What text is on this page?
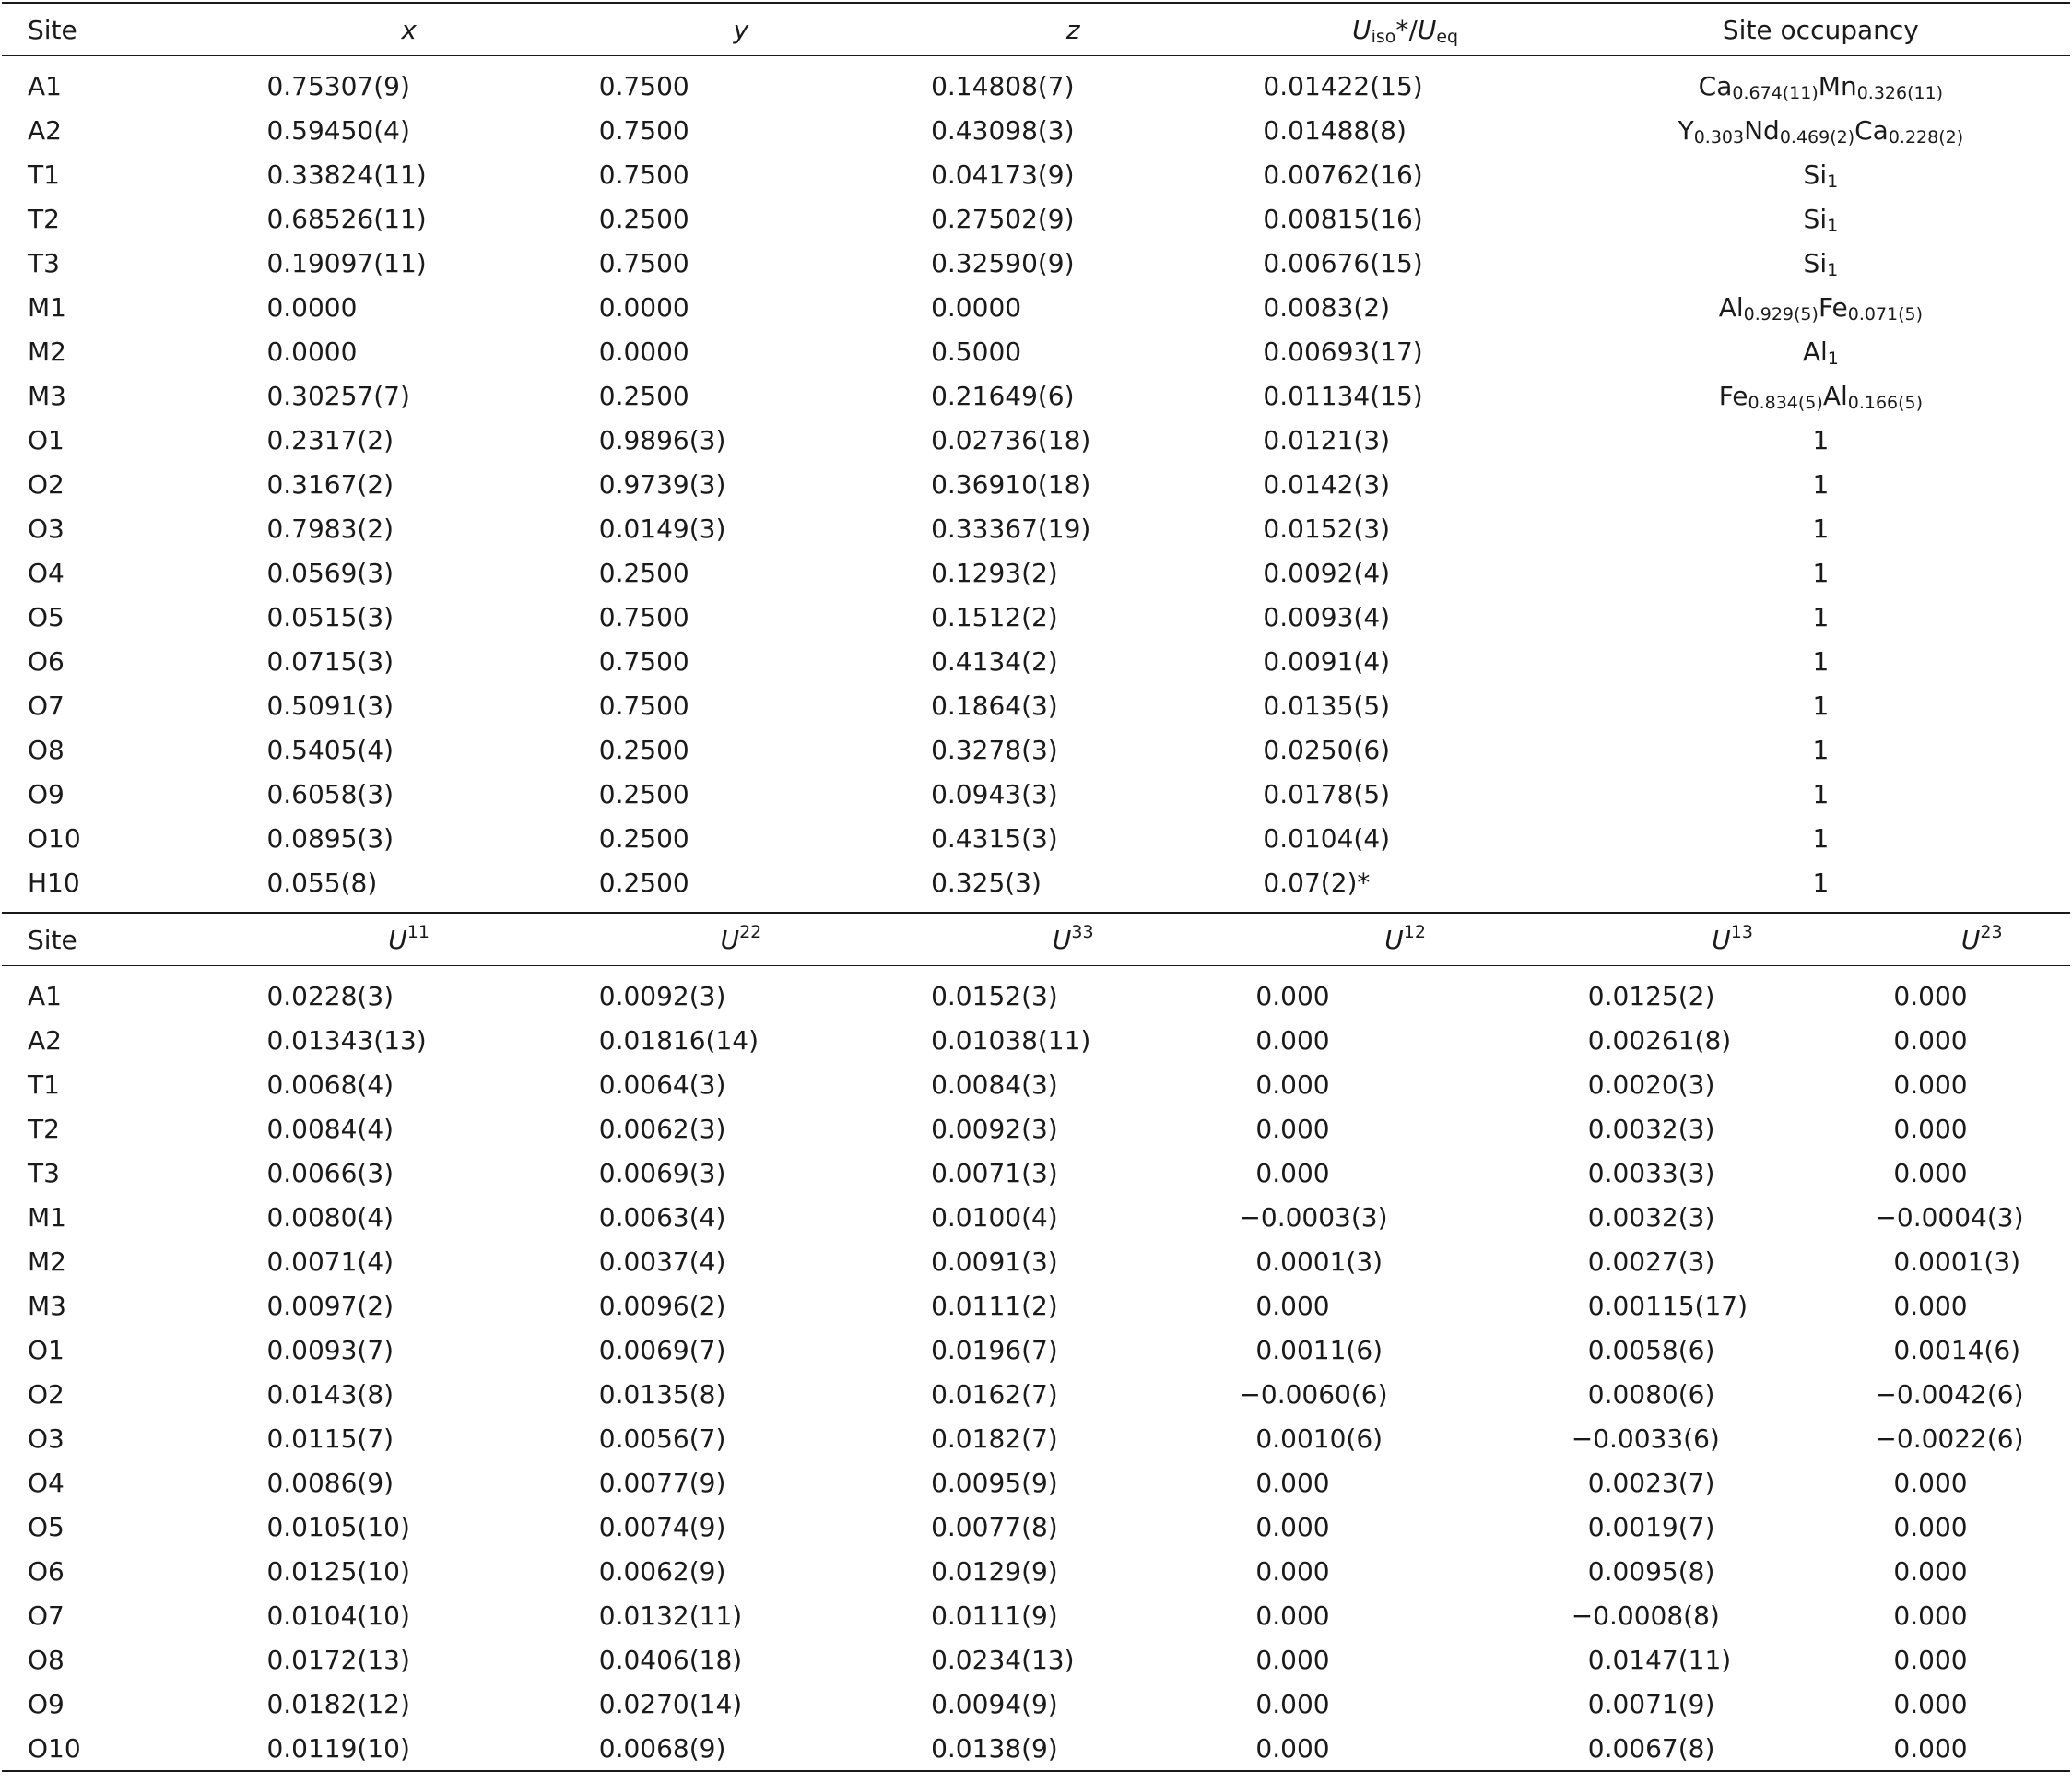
Site	x	y	z	$U_{iso}*/U_{eq}$	Site occupancy	
A1	0.75307(9)	0.7500	0.14808(7)	0.01422(15)	$Ca_{0.674(11)}Mn_{0.326(11)}$
A2	0.59450(4)	0.7500	0.43098(3)	0.01488(8)	$Y_{0.303}Nd_{0.469(2)}Ca_{0.228(2)}$
T1	0.33824(11)	0.7500	0.04173(9)	0.00762(16)	$Si_1$
T2	0.68526(11)	0.2500	0.27502(9)	0.00815(16)	$Si_1$
T3	0.19097(11)	0.7500	0.32590(9)	0.00676(15)	$Si_1$
M1	0.0000	0.0000	0.0000	0.0083(2)	$Al_{0.929(5)}Fe_{0.071(5)}$
M2	0.0000	0.0000	0.5000	0.00693(17)	$Al_1$
M3	0.30257(7)	0.2500	0.21649(6)	0.01134(15)	$Fe_{0.834(5)}Al_{0.166(5)}$
O1	0.2317(2)	0.9896(3)	0.02736(18)	0.0121(3)	1	
O2	0.3167(2)	0.9739(3)	0.36910(18)	0.0142(3)	1	
O3	0.7983(2)	0.0149(3)	0.33367(19)	0.0152(3)	1	
O4	0.0569(3)	0.2500	0.1293(2)	0.0092(4)	1	
O5	0.0515(3)	0.7500	0.1512(2)	0.0093(4)	1	
O6	0.0715(3)	0.7500	0.4134(2)	0.0091(4)	1	
O7	0.5091(3)	0.7500	0.1864(3)	0.0135(5)	1	
O8	0.5405(4)	0.2500	0.3278(3)	0.0250(6)	1	
O9	0.6058(3)	0.2500	0.0943(3)	0.0178(5)	1	
O10	0.0895(3)	0.2500	0.4315(3)	0.0104(4)	1	
H10	0.055(8)	0.2500	0.325(3)	0.07(2)*	1	
Site	$U^{11}$	$U^{22}$	$U^{33}$	$U^{12}$	$U^{13}$	$U^{23}$
A1	0.0228(3)	0.0092(3)	0.0152(3)	0.000	0.0125(2)	0.000
A2	0.01343(13)	0.01816(14)	0.01038(11)	0.000	0.00261(8)	0.000
T1	0.0068(4)	0.0064(3)	0.0084(3)	0.000	0.0020(3)	0.000
T2	0.0084(4)	0.0062(3)	0.0092(3)	0.000	0.0032(3)	0.000
T3	0.0066(3)	0.0069(3)	0.0071(3)	0.000	0.0033(3)	0.000
M1	0.0080(4)	0.0063(4)	0.0100(4)	−0.0003(3)	0.0032(3)	−0.0004(3)
M2	0.0071(4)	0.0037(4)	0.0091(3)	0.0001(3)	0.0027(3)	0.0001(3)
M3	0.0097(2)	0.0096(2)	0.0111(2)	0.000	0.00115(17)	0.000
O1	0.0093(7)	0.0069(7)	0.0196(7)	0.0011(6)	0.0058(6)	0.0014(6)
O2	0.0143(8)	0.0135(8)	0.0162(7)	−0.0060(6)	0.0080(6)	−0.0042(6)
O3	0.0115(7)	0.0056(7)	0.0182(7)	0.0010(6)	−0.0033(6)	−0.0022(6)
O4	0.0086(9)	0.0077(9)	0.0095(9)	0.000	0.0023(7)	0.000
O5	0.0105(10)	0.0074(9)	0.0077(8)	0.000	0.0019(7)	0.000
O6	0.0125(10)	0.0062(9)	0.0129(9)	0.000	0.0095(8)	0.000
O7	0.0104(10)	0.0132(11)	0.0111(9)	0.000	−0.0008(8)	0.000
O8	0.0172(13)	0.0406(18)	0.0234(13)	0.000	0.0147(11)	0.000
O9	0.0182(12)	0.0270(14)	0.0094(9)	0.000	0.0071(9)	0.000
O10	0.0119(10)	0.0068(9)	0.0138(9)	0.000	0.0067(8)	0.000
